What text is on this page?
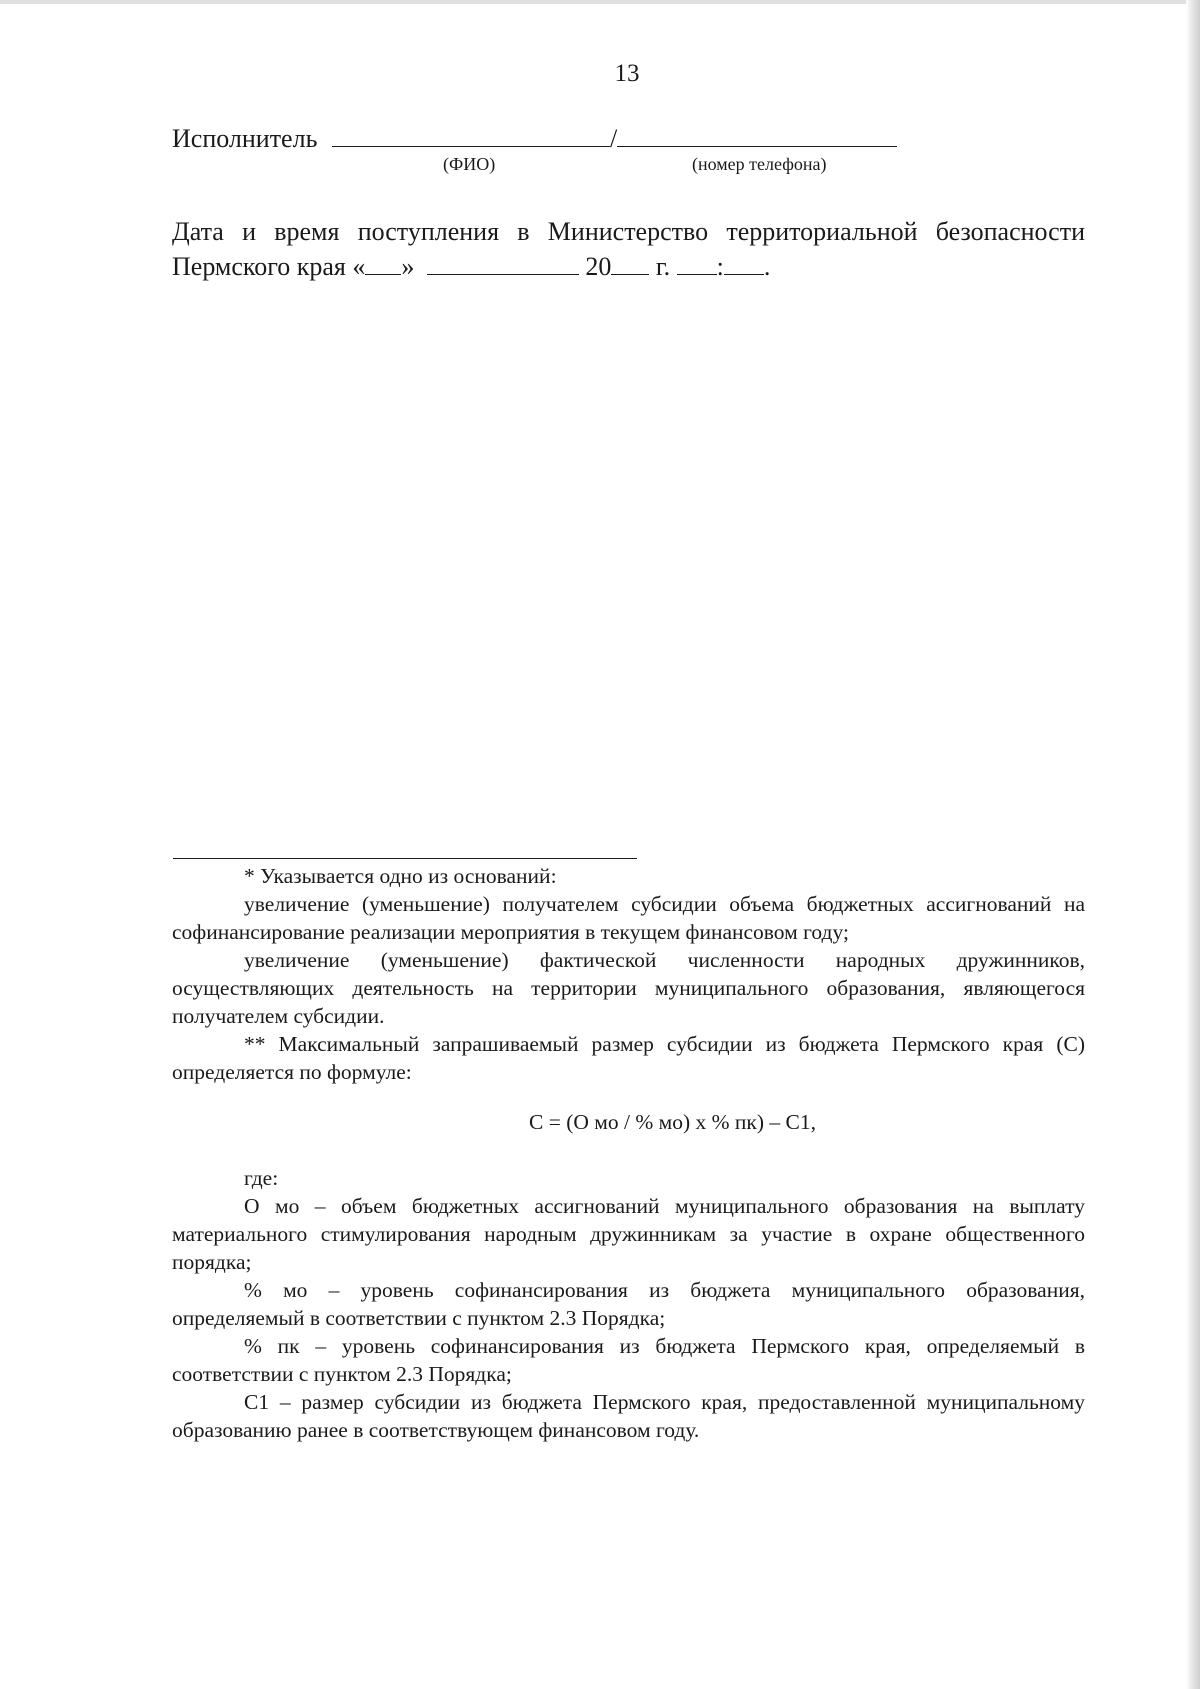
13
Исполнитель	/
(ФИО)	(номер телефона)
Дата и время поступления в Министерство территориальной безопасности
Пермского края « »	20 г. : .

* Указывается одно из оснований:

увеличение (уменьшение) получателем субсидии объема бюджетных ассигнований на софинансирование реализации мероприятия в текущем финансовом году;

увеличение (уменьшение) фактической численности народных дружинников, осуществляющих деятельность на территории муниципального образования, являющегося получателем субсидии.

** Максимальный запрашиваемый размер субсидии из бюджета Пермского края (С) определяется по формуле:

С = (О мо / % мо) х % пк) – С1,

где:

О мо – объем бюджетных ассигнований муниципального образования на выплату материального стимулирования народным дружинникам за участие в охране общественного порядка;

% мо – уровень софинансирования из бюджета муниципального образования, определяемый в соответствии с пунктом 2.3 Порядка;

% пк – уровень софинансирования из бюджета Пермского края, определяемый в соответствии с пунктом 2.3 Порядка;

С1 – размер субсидии из бюджета Пермского края, предоставленной муниципальному образованию ранее в соответствующем финансовом году.
